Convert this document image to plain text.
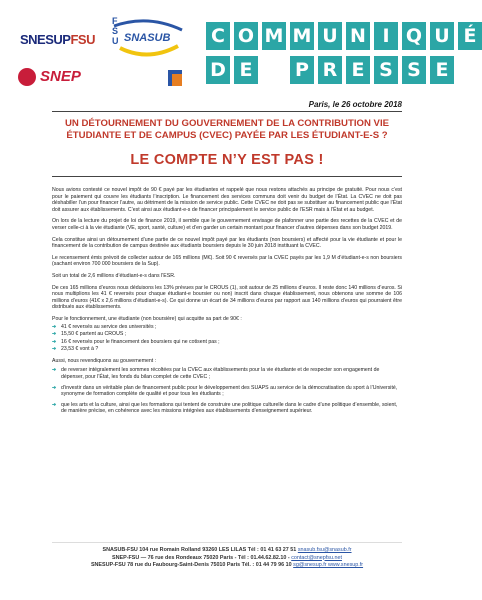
SNESUPFSU
SNEP
F
S
U SNASUB C O M M U N I Q U É
D E P R E S S E
Paris, le 26 octobre 2018
UN DÉTOURNEMENT DU GOUVERNEMENT DE LA CONTRIBUTION VIE ÉTUDIANTE ET DE CAMPUS (CVEC) PAYÉE PAR LES ÉTUDIANT-E-S ?
LE COMPTE N’Y EST PAS !

Nous avions contesté ce nouvel impôt de 90 € payé par les étudiantes et rappelé que nous restons attachés au principe de gratuité. Pour nous c’est pour le paiement qui couvre les étudiants l’inscription. Le financement des services communs doit venir du budget de l’État. La CVEC ne doit pas déshabiller l’un pour financer l’autre, au détriment de la mission de service public. Cette CVEC ne doit pas se substituer au financement public que l’État doit assurer aux établissements. C’est ainsi aux étudiant-e-s de financer principalement le service public de l’ESR mais à l’État et au budget.

On lors de la lecture du projet de loi de finance 2019, il semble que le gouvernement envisage de plafonner une partie des recettes de la CVEC et de verser celle-ci à la vie étudiante (VE, sport, santé, culture) et d’en garder un certain montant pour financer d’autres dépenses dans son budget 2019.

Cela constitue ainsi un détournement d’une partie de ce nouvel impôt payé par les étudiants (non boursiers) et affecté pour la vie étudiante et pour le financement de la contribution de campus destinée aux étudiants boursiers depuis le 30 juin 2018 instituant la CVEC.

Le recensement émis prévoit de collecter autour de 165 millions (M€). Soit 90 € reversés par la CVEC payés par les 1,9 M d’étudiant-e-s non boursiers (sachant environ 700 000 boursiers de la Sup).

Soit un total de 2,6 millions d’étudiant-e-s dans l’ESR.

De ces 165 millions d’euros nous déduisons les 13% prévues par le CROUS (1), soit autour de 25 millions d’euros. Il reste donc 140 millions d’euros. Si nous multiplions les 41 € reversés pour chaque étudiant-e boursier ou non) inscrit dans chaque établissement, nous obtenons une somme de 106 millions d’euros (41€ x 2,6 millions d’étudiant-e-s). Ce qui donne un écart de 34 millions d’euros par rapport aux 140 millions d’euros qui pourraient être distribués aux établissements.

Pour le fonctionnement, une étudiante (non boursière) qui acquitte sa part de 90€ :

➔ 41 € reversés au service des universités ;
➔ 15,50 € partent au CROUS ;
➔ 16 € reversés pour le financement des boursiers qui ne cotisent pas ;
➔ 23,53 € vont à ?

Aussi, nous revendiquons au gouvernement :

➔ de reverser intégralement les sommes récoltées par la CVEC aux établissements pour la vie étudiante et de respecter son engagement de dépenser, pour l’État, les fonds du bilan complet de cette CVEC ;
➔ d’investir dans un véritable plan de financement public pour le développement des SUAPS au service de la démocratisation du sport à l’Université, synonyme de formation complète de qualité et pour tous les étudiants ;
➔ que les arts et la culture, ainsi que les formations qui tentent de construire une politique culturelle dans le cadre d’une politique d’ensemble, soient, de manière précise, en cohérence avec les missions intégrées aux établissements d’enseignement supérieur.
SNASUB-FSU 104 rue Romain Rolland 93260 LES LILAS Tél : 01 41 63 27 51 snasub.fsu@snasub.fr
SNEP-FSU — 76 rue des Rondeaux 75020 Paris - Tél : 01.44.62.82.10 - contact@snepfsu.net
SNESUP-FSU 78 rue du Faubourg-Saint-Denis 75010 Paris Tél. : 01 44 79 96 10 sg@snesup.fr www.snesup.fr
